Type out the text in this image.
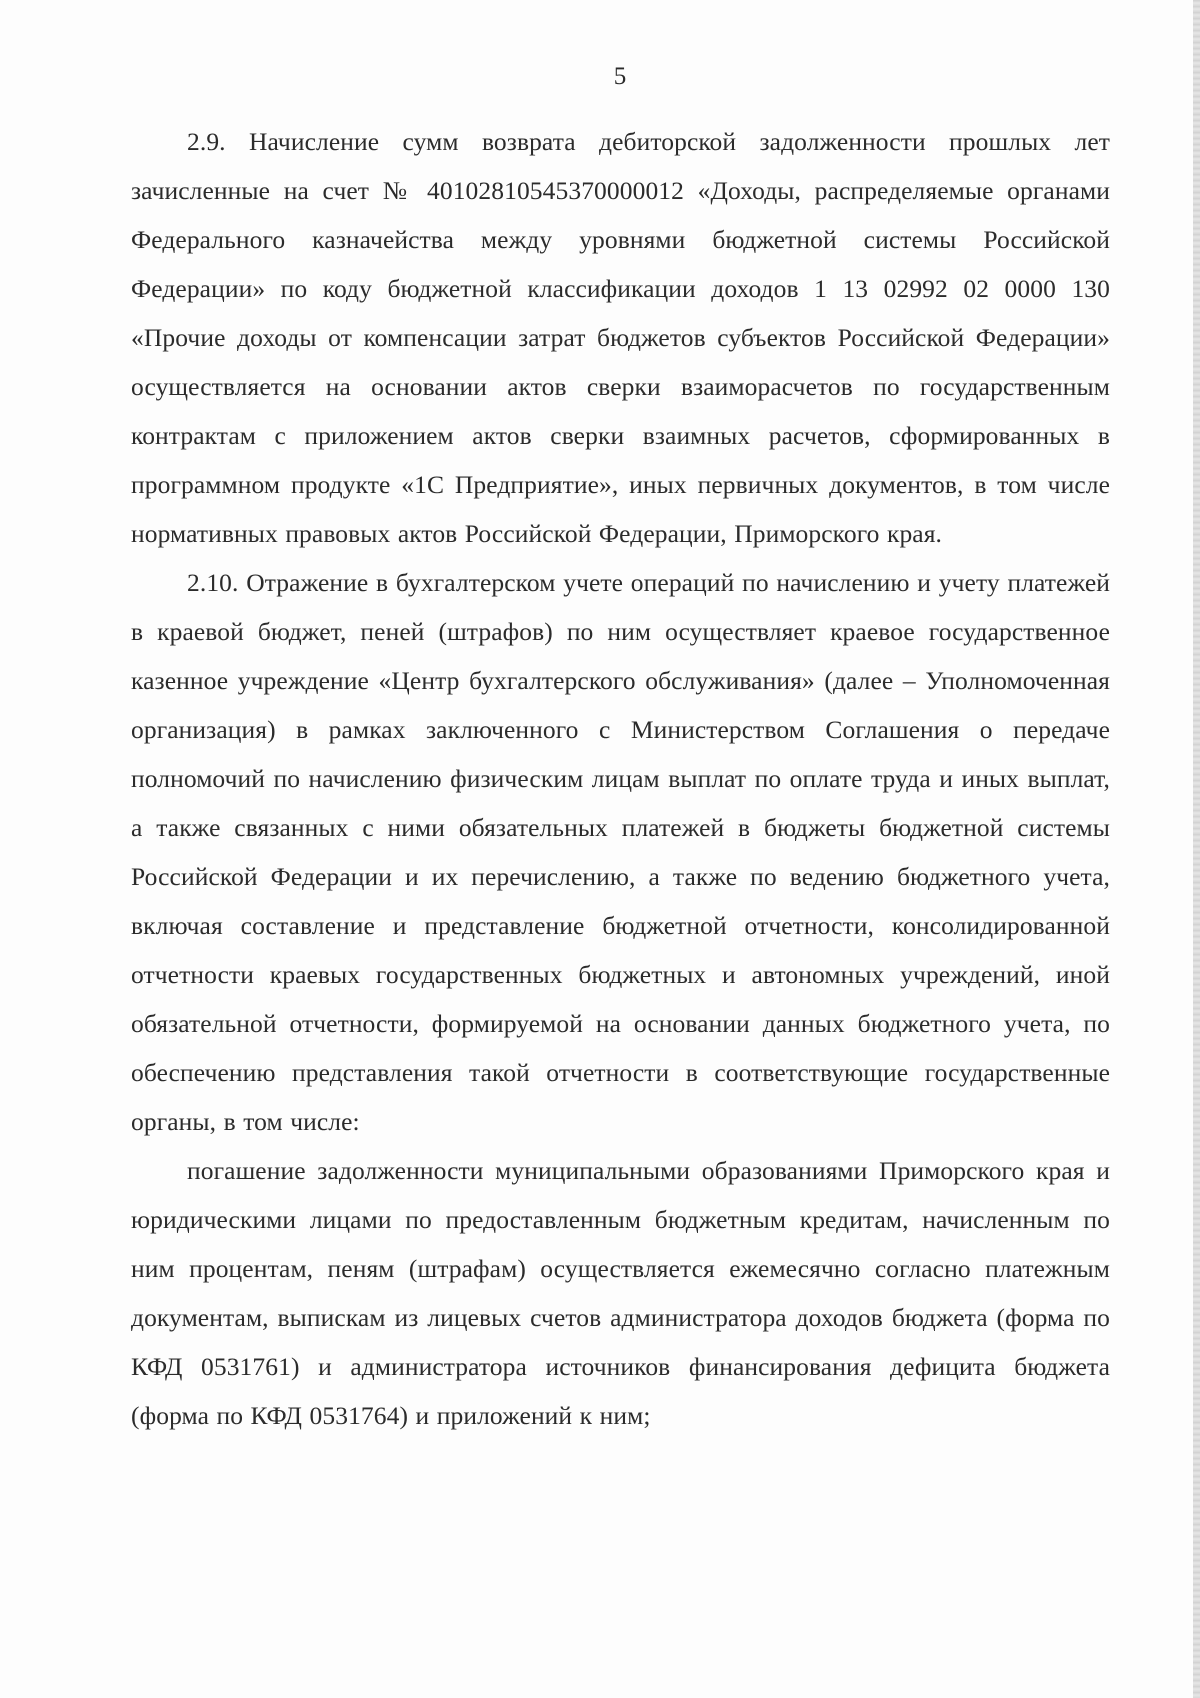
5

2.9. Начисление сумм возврата дебиторской задолженности прошлых лет зачисленные на счет № 40102810545370000012 «Доходы, распределяемые органами Федерального казначейства между уровнями бюджетной системы Российской Федерации» по коду бюджетной классификации доходов 1 13 02992 02 0000 130 «Прочие доходы от компенсации затрат бюджетов субъектов Российской Федерации» осуществляется на основании актов сверки взаиморасчетов по государственным контрактам с приложением актов сверки взаимных расчетов, сформированных в программном продукте «1С Предприятие», иных первичных документов, в том числе нормативных правовых актов Российской Федерации, Приморского края.

2.10. Отражение в бухгалтерском учете операций по начислению и учету платежей в краевой бюджет, пеней (штрафов) по ним осуществляет краевое государственное казенное учреждение «Центр бухгалтерского обслуживания» (далее – Уполномоченная организация) в рамках заключенного с Министерством Соглашения о передаче полномочий по начислению физическим лицам выплат по оплате труда и иных выплат, а также связанных с ними обязательных платежей в бюджеты бюджетной системы Российской Федерации и их перечислению, а также по ведению бюджетного учета, включая составление и представление бюджетной отчетности, консолидированной отчетности краевых государственных бюджетных и автономных учреждений, иной обязательной отчетности, формируемой на основании данных бюджетного учета, по обеспечению представления такой отчетности в соответствующие государственные органы, в том числе:

погашение задолженности муниципальными образованиями Приморского края и юридическими лицами по предоставленным бюджетным кредитам, начисленным по ним процентам, пеням (штрафам) осуществляется ежемесячно согласно платежным документам, выпискам из лицевых счетов администратора доходов бюджета (форма по КФД 0531761) и администратора источников финансирования дефицита бюджета (форма по КФД 0531764) и приложений к ним;
